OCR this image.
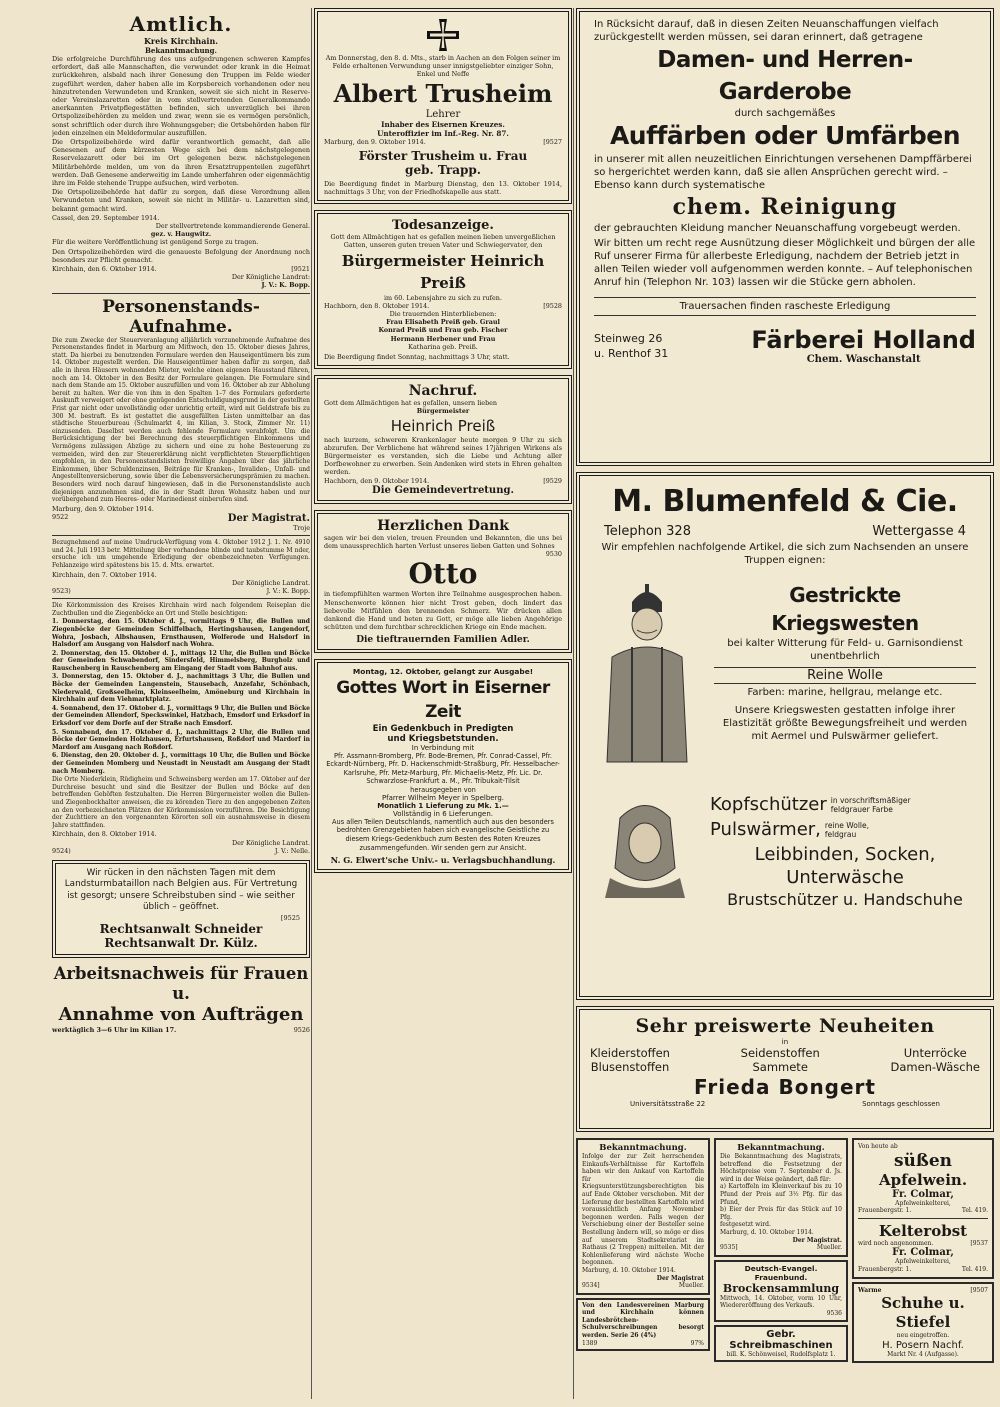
Amtlich.
Kreis Kirchhain.
Bekanntmachung.
Die erfolgreiche Durchführung des uns aufgedrungenen schweren Kampfes erfordert, daß alle Mannschaften, die verwundet oder krank in die Heimat zurückkehren, alsbald nach ihrer Genesung den Truppen im Felde wieder zugeführt werden, daher haben alle im Korpsbereich vorhandenen oder neu hinzutretenden Verwundeten und Kranken, soweit sie sich nicht in Reserve- oder Vereinslazaretten oder in vom stellvertretenden Generalkommando anerkannten Privatpflegestätten befinden, sich unverzüglich bei ihren Ortspolizeibehörden zu melden und zwar, wenn sie es vermögen persönlich, sonst schriftlich oder durch ihre Wohnungsgeber; die Ortsbehörden haben für jeden einzelnen ein Meldeformular auszufüllen.
Die Ortspolizeibehörde wird dafür verantwortlich gemacht, daß alle Genesenen auf dem kürzesten Wege sich bei dem nächstgelegenen Reservelazarett oder bei im Ort gelegenen bezw. nächstgelegenen Militärbehörde melden, um von da ihren Ersatztruppenteilen zugeführt werden. Daß Genesene anderweitig im Lande umherfahren oder eigenmächtig ihre im Felde stehende Truppe aufsuchen, wird verboten.
Die Ortspolizeibehörde hat dafür zu sorgen, daß diese Verordnung allen Verwundeten und Kranken, soweit sie nicht in Militär- u. Lazaretten sind, bekannt gemacht wird.
Cassel, den 29. September 1914.
Der stellvertretende kommandierende General.
gez. v. Haugwitz.
Für die weitere Veröffentlichung ist genügend Sorge zu tragen.
Den Ortspolizeibehörden wird die genaueste Befolgung der Anordnung noch besonders zur Pflicht gemacht.
Kirchhain, den 6. Oktober 1914.	[9521
Der Königliche Landrat:
J. V.: K. Bopp.
Personenstands-Aufnahme.
Die zum Zwecke der Steuerveranlagung alljährlich vorzunehmende Aufnahme des Personenstandes findet in Marburg am Mittwoch, den 15. Oktober dieses Jahres, statt. Da hierbei zu benutzenden Formulare werden den Hauseigentümern bis zum 14. Oktober zugestellt werden. Die Hauseigentümer haben dafür zu sorgen, daß alle in ihren Häusern wohnenden Mieter, welche einen eigenen Hausstand führen, noch am 14. Oktober in den Besitz der Formulare gelangen. Die Formulare sind nach dem Stande am 15. Oktober auszufüllen und vom 16. Oktober ab zur Abholung bereit zu halten. Wer die von ihm in den Spalten 1–7 des Formulars geforderte Auskunft verweigert oder ohne genügenden Entschuldigungsgrund in der gestellten Frist gar nicht oder unvollständig oder unrichtig erteilt, wird mit Geldstrafe bis zu 300 M. bestraft. Es ist gestattet die ausgefüllten Listen unmittelbar an das städtische Steuerbureau (Schulmarkt 4, im Kilian, 3. Stock, Zimmer Nr. 11) einzusenden. Daselbst werden auch fehlende Formulare verabfolgt. Um die Berücksichtigung der bei Berechnung des steuerpflichtigen Einkommens und Vermögens zulässigen Abzüge zu sichern und eine zu hohe Besteuerung zu vermeiden, wird den zur Steuererklärung nicht verpflichteten Steuerpflichtigen empfohlen, in den Personenstandslisten freiwillige Angaben über das jährliche Einkommen, über Schuldenzinsen, Beiträge für Kranken-, Invaliden-, Unfall- und Angestelltenversicherung, sowie über die Lebensversicherungsprämien zu machen. Besonders wird noch darauf hingewiesen, daß in die Personenstandsliste auch diejenigen anzunehmen sind, die in der Stadt ihren Wohnsitz haben und nur vorübergehend zum Heeres- oder Marinedienst einberufen sind.
Marburg, den 9. Oktober 1914.
9522	Der Magistrat.
Troje
Bezugnehmend auf meine Umdruck-Verfügung vom 4. Oktober 1912 J. 1. Nr. 4910 und 24. Juli 1913 betr. Mitteilung über vorhandene blinde und taubstumme M nder, ersuche ich um umgehende Erledigung der obenbezeichneten Verfügungen. Fehlanzeige wird spätestens bis 15. d. Mts. erwartet.
Kirchhain, den 7. Oktober 1914.
Der Königliche Landrat.
9523)	J. V.: K. Bopp.
Die Körkommission des Kreises Kirchhain wird nach folgendem Reiseplan die Zuchtbullen und die Ziegenböcke an Ort und Stelle besichtigen:
1. Donnerstag, den 15. Oktober d. J., vormittags 9 Uhr, die Bullen und Ziegenböcke der Gemeinden Schiffelbach, Hertingshausen, Langendorf, Wohra, Josbach, Albshausen, Ernsthausen, Wolferode und Halsdorf in Halsdorf am Ausgang von Halsdorf nach Wohra.
2. Donnerstag, den 15. Oktober d. J., mittags 12 Uhr, die Bullen und Böcke der Gemeinden Schwabendorf, Sindersfeld, Himmelsberg, Burgholz und Rauschenberg in Rauschenberg am Eingang der Stadt vom Bahnhof aus.
3. Donnerstag, den 15. Oktober d. J., nachmittags 3 Uhr, die Bullen und Böcke der Gemeinden Langenstein, Stausebach, Anzefahr, Schönbach, Niederwald, Großseelheim, Kleinseelheim, Amöneburg und Kirchhain in Kirchhain auf dem Viehmarktplatz.
4. Sonnabend, den 17. Oktober d. J., vormittags 9 Uhr, die Bullen und Böcke der Gemeinden Allendorf, Speckswinkel, Hatzbach, Emsdorf und Erksdorf in Erksdorf vor dem Dorfe auf der Straße nach Emsdorf.
5. Sonnabend, den 17. Oktober d. J., nachmittags 2 Uhr, die Bullen und Böcke der Gemeinden Holzhausen, Erfurtshausen, Roßdorf und Mardorf in Mardorf am Ausgang nach Roßdorf.
6. Dienstag, den 20. Oktober d. J., vormittags 10 Uhr, die Bullen und Böcke der Gemeinden Momberg und Neustadt in Neustadt am Ausgang der Stadt nach Momberg.
Die Orte Niederklein, Rüdigheim und Schweinsberg werden am 17. Oktober auf der Durchreise besucht und sind die Besitzer der Bullen und Böcke auf den betreffenden Gehöften festzuhalten. Die Herren Bürgermeister wollen die Bullen- und Ziegenbockhalter anweisen, die zu körenden Tiere zu den angegebenen Zeiten an den vorbezeichneten Plätzen der Körkommission vorzuführen. Die Besichtigung der Zuchttiere an den vorgenannten Körorten soll ein ausnahmsweise in diesem Jahre stattfinden.
Kirchhain, den 8. Oktober 1914.
Der Königliche Landrat.
9524)	J. V.: Nelle.
Wir rücken in den nächsten Tagen mit dem Landsturmbataillon nach Belgien aus. Für Vertretung ist gesorgt; unsere Schreibstuben sind – wie seither üblich – geöffnet.
[9525
Rechtsanwalt Schneider
Rechtsanwalt Dr. Külz.
Arbeitsnachweis für Frauen u.
Annahme von Aufträgen
werktäglich 3—6 Uhr im Kilian 17.	9526
Am Donnerstag, den 8. d. Mts., starb in Aachen an den Folgen seiner im Felde erhaltenen Verwundung unser innigstgeliebter einziger Sohn, Enkel und Neffe
Albert Trusheim
Lehrer
Inhaber des Eisernen Kreuzes.
Unteroffizier im Inf.-Reg. Nr. 87.
Marburg, den 9. Oktober 1914.	[9527
Förster Trusheim u. Frau
geb. Trapp.
Die Beerdigung findet in Marburg Dienstag, den 13. Oktober 1914, nachmittags 3 Uhr, von der Friedhofskapelle aus statt.
Todesanzeige.
Gott dem Allmächtigen hat es gefallen meinen lieben unvergeßlichen Gatten, unseren guten treuen Vater und Schwiegervater, den
Bürgermeister Heinrich Preiß
im 60. Lebensjahre zu sich zu rufen.
Hachborn, den 8. Oktober 1914.	[9528
Die trauernden Hinterbliebenen:
Frau Elisabeth Preiß geb. Graul
Konrad Preiß und Frau geb. Fischer
Hermann Herbener und Frau
Katharina geb. Preiß.
Die Beerdigung findet Sonntag, nachmittags 3 Uhr, statt.
Nachruf.
Gott dem Allmächtigen hat es gefallen, unsern lieben
Bürgermeister
Heinrich Preiß
nach kurzem, schwerem Krankenlager heute morgen 9 Uhr zu sich abzurufen. Der Verblichene hat während seines 17jährigen Wirkens als Bürgermeister es verstanden, sich die Liebe und Achtung aller Dorfbewohner zu erwerben. Sein Andenken wird stets in Ehren gehalten werden.
Hachborn, den 9. Oktober 1914.	[9529
Die Gemeindevertretung.
Herzlichen Dank
sagen wir bei den vielen, treuen Freunden und Bekannten, die uns bei dem unaussprechlich harten Verlust unseres lieben Gatten und Sohnes
9530
Otto
in tiefempfühlten warmen Worten ihre Teilnahme ausgesprochen haben. Menschenworte können hier nicht Trost geben, doch lindert das liebevolle Mitfühlen den brennenden Schmerz. Wir drücken allen dankend die Hand und beten zu Gott, er möge alle lieben Angehörige schützen und dem furchtbar schrecklichen Kriege ein Ende machen.
Die tieftrauernden Familien Adler.
Montag, 12. Oktober, gelangt zur Ausgabe!
Gottes Wort in Eiserner Zeit
Ein Gedenkbuch in Predigten
und Kriegsbetstunden.
In Verbindung mit
Pfr. Assmann-Bromberg, Pfr. Bode-Bremen, Pfr. Conrad-Cassel, Pfr. Eckardt-Nürnberg, Pfr. D. Hackenschmidt-Straßburg, Pfr. Hesselbacher-Karlsruhe, Pfr. Metz-Marburg, Pfr. Michaelis-Metz, Pfr. Lic. Dr. Schwarzlose-Frankfurt a. M., Pfr. Tribukait-Tilsit
herausgegeben von
Pfarrer Wilhelm Meyer in Spelberg.
Monatlich 1 Lieferung zu Mk. 1.—
Vollständig in 6 Lieferungen.
Aus allen Teilen Deutschlands, namentlich auch aus den besonders bedrohten Grenzgebieten haben sich evangelische Geistliche zu diesem Kriegs-Gedenkbuch zum Besten des Roten Kreuzes zusammengefunden. Wir senden gern zur Ansicht.
N. G. Elwert'sche Univ.- u. Verlagsbuchhandlung.
In Rücksicht darauf, daß in diesen Zeiten Neuanschaffungen vielfach zurückgestellt werden müssen, sei daran erinnert, daß getragene
Damen- und Herren-Garderobe
durch sachgemäßes
Auffärben oder Umfärben
in unserer mit allen neuzeitlichen Einrichtungen versehenen Dampffärberei so hergerichtet werden kann, daß sie allen Ansprüchen gerecht wird. – Ebenso kann durch systematische
chem. Reinigung
der gebrauchten Kleidung mancher Neuanschaffung vorgebeugt werden.
Wir bitten um recht rege Ausnützung dieser Möglichkeit und bürgen der alle Ruf unserer Firma für allerbeste Erledigung, nachdem der Betrieb jetzt in allen Teilen wieder voll aufgenommen werden konnte. – Auf telephonischen Anruf hin (Telephon Nr. 103) lassen wir die Stücke gern abholen.
Trauersachen finden rascheste Erledigung
Steinweg 26
u. Renthof 31	Färberei Holland
Chem. Waschanstalt
M. Blumenfeld & Cie.
Telephon 328	Wettergasse 4
Wir empfehlen nachfolgende Artikel, die sich zum Nachsenden an unsere Truppen eignen:
Gestrickte Kriegswesten
bei kalter Witterung für Feld- u. Garnisondienst unentbehrlich
Reine Wolle
Farben: marine, hellgrau, melange etc.
Unsere Kriegswesten gestatten infolge ihrer Elastizität größte Bewegungsfreiheit und werden mit Aermel und Pulswärmer geliefert.
Kopfschützer in vorschriftsmäßiger
feldgrauer Farbe
Pulswärmer, reine Wolle,
feldgrau
Leibbinden, Socken,
Unterwäsche
Brustschützer u. Handschuhe
Sehr preiswerte Neuheiten
in
Kleiderstoffen
Blusenstoffen
Seidenstoffen
Sammete
Unterröcke
Damen-Wäsche
Frieda Bongert
Universitätsstraße 22	Sonntags geschlossen
Bekanntmachung.
Infolge der zur Zeit herrschenden Einkaufs-Verhältnisse für Kartoffeln haben wir den Ankauf von Kartoffeln für die Kriegsunterstützungsberechtigten bis auf Ende Oktober verschoben. Mit der Lieferung der bestellten Kartoffeln wird voraussichtlich Anfang November begonnen werden. Falls wegen der Verschiebung einer der Besteller seine Bestellung ändern will, so möge er dies auf unserem Stadtsekretariat im Rathaus (2 Treppen) mitteilen. Mit der Kohlenlieferung wird nächste Woche begonnen.
Marburg, d. 10. Oktober 1914.
Der Magistrat
9534]	Mueller.
Von den Landesvereinen Marburg und Kirchhain können Landesbrötchen-Schulverschreibungen besorgt werden. Serie 26 (4%)
1389	97%
Bekanntmachung.
Die Bekanntmachung des Magistrats, betreffend die Festsetzung der Höchstpreise vom 7. September d. Js. wird in der Weise geändert, daß für:
a) Kartoffeln im Kleinverkauf bis zu 10 Pfund der Preis auf 3½ Pfg. für das Pfund,
b) Eier der Preis für das Stück auf 10 Pfg.
festgesetzt wird.
Marburg, d. 10. Oktober 1914.
Der Magistrat.
9535]	Mueller.
Deutsch-Evangel. Frauenbund.
Brockensammlung
Mittwoch, 14. Oktober, vorm 10 Uhr, Wiedereröffnung des Verkaufs.
9536
Gebr. Schreibmaschinen
bill. K. Schönweisel, Rudolfsplatz 1.
Von heute ab
süßen
Apfelwein.
Fr. Colmar,
Apfelweinkelterei,
Frauenbergstr. 1.	Tel. 419.
Kelterobst
wird noch angenommen.	[9537
Fr. Colmar,
Apfelweinkelterei,
Frauenbergstr. 1.	Tel. 419.
Warme	[9507
Schuhe u. Stiefel
neu eingetroffen.
H. Posern Nachf.
Markt Nr. 4 (Aufgasse).
